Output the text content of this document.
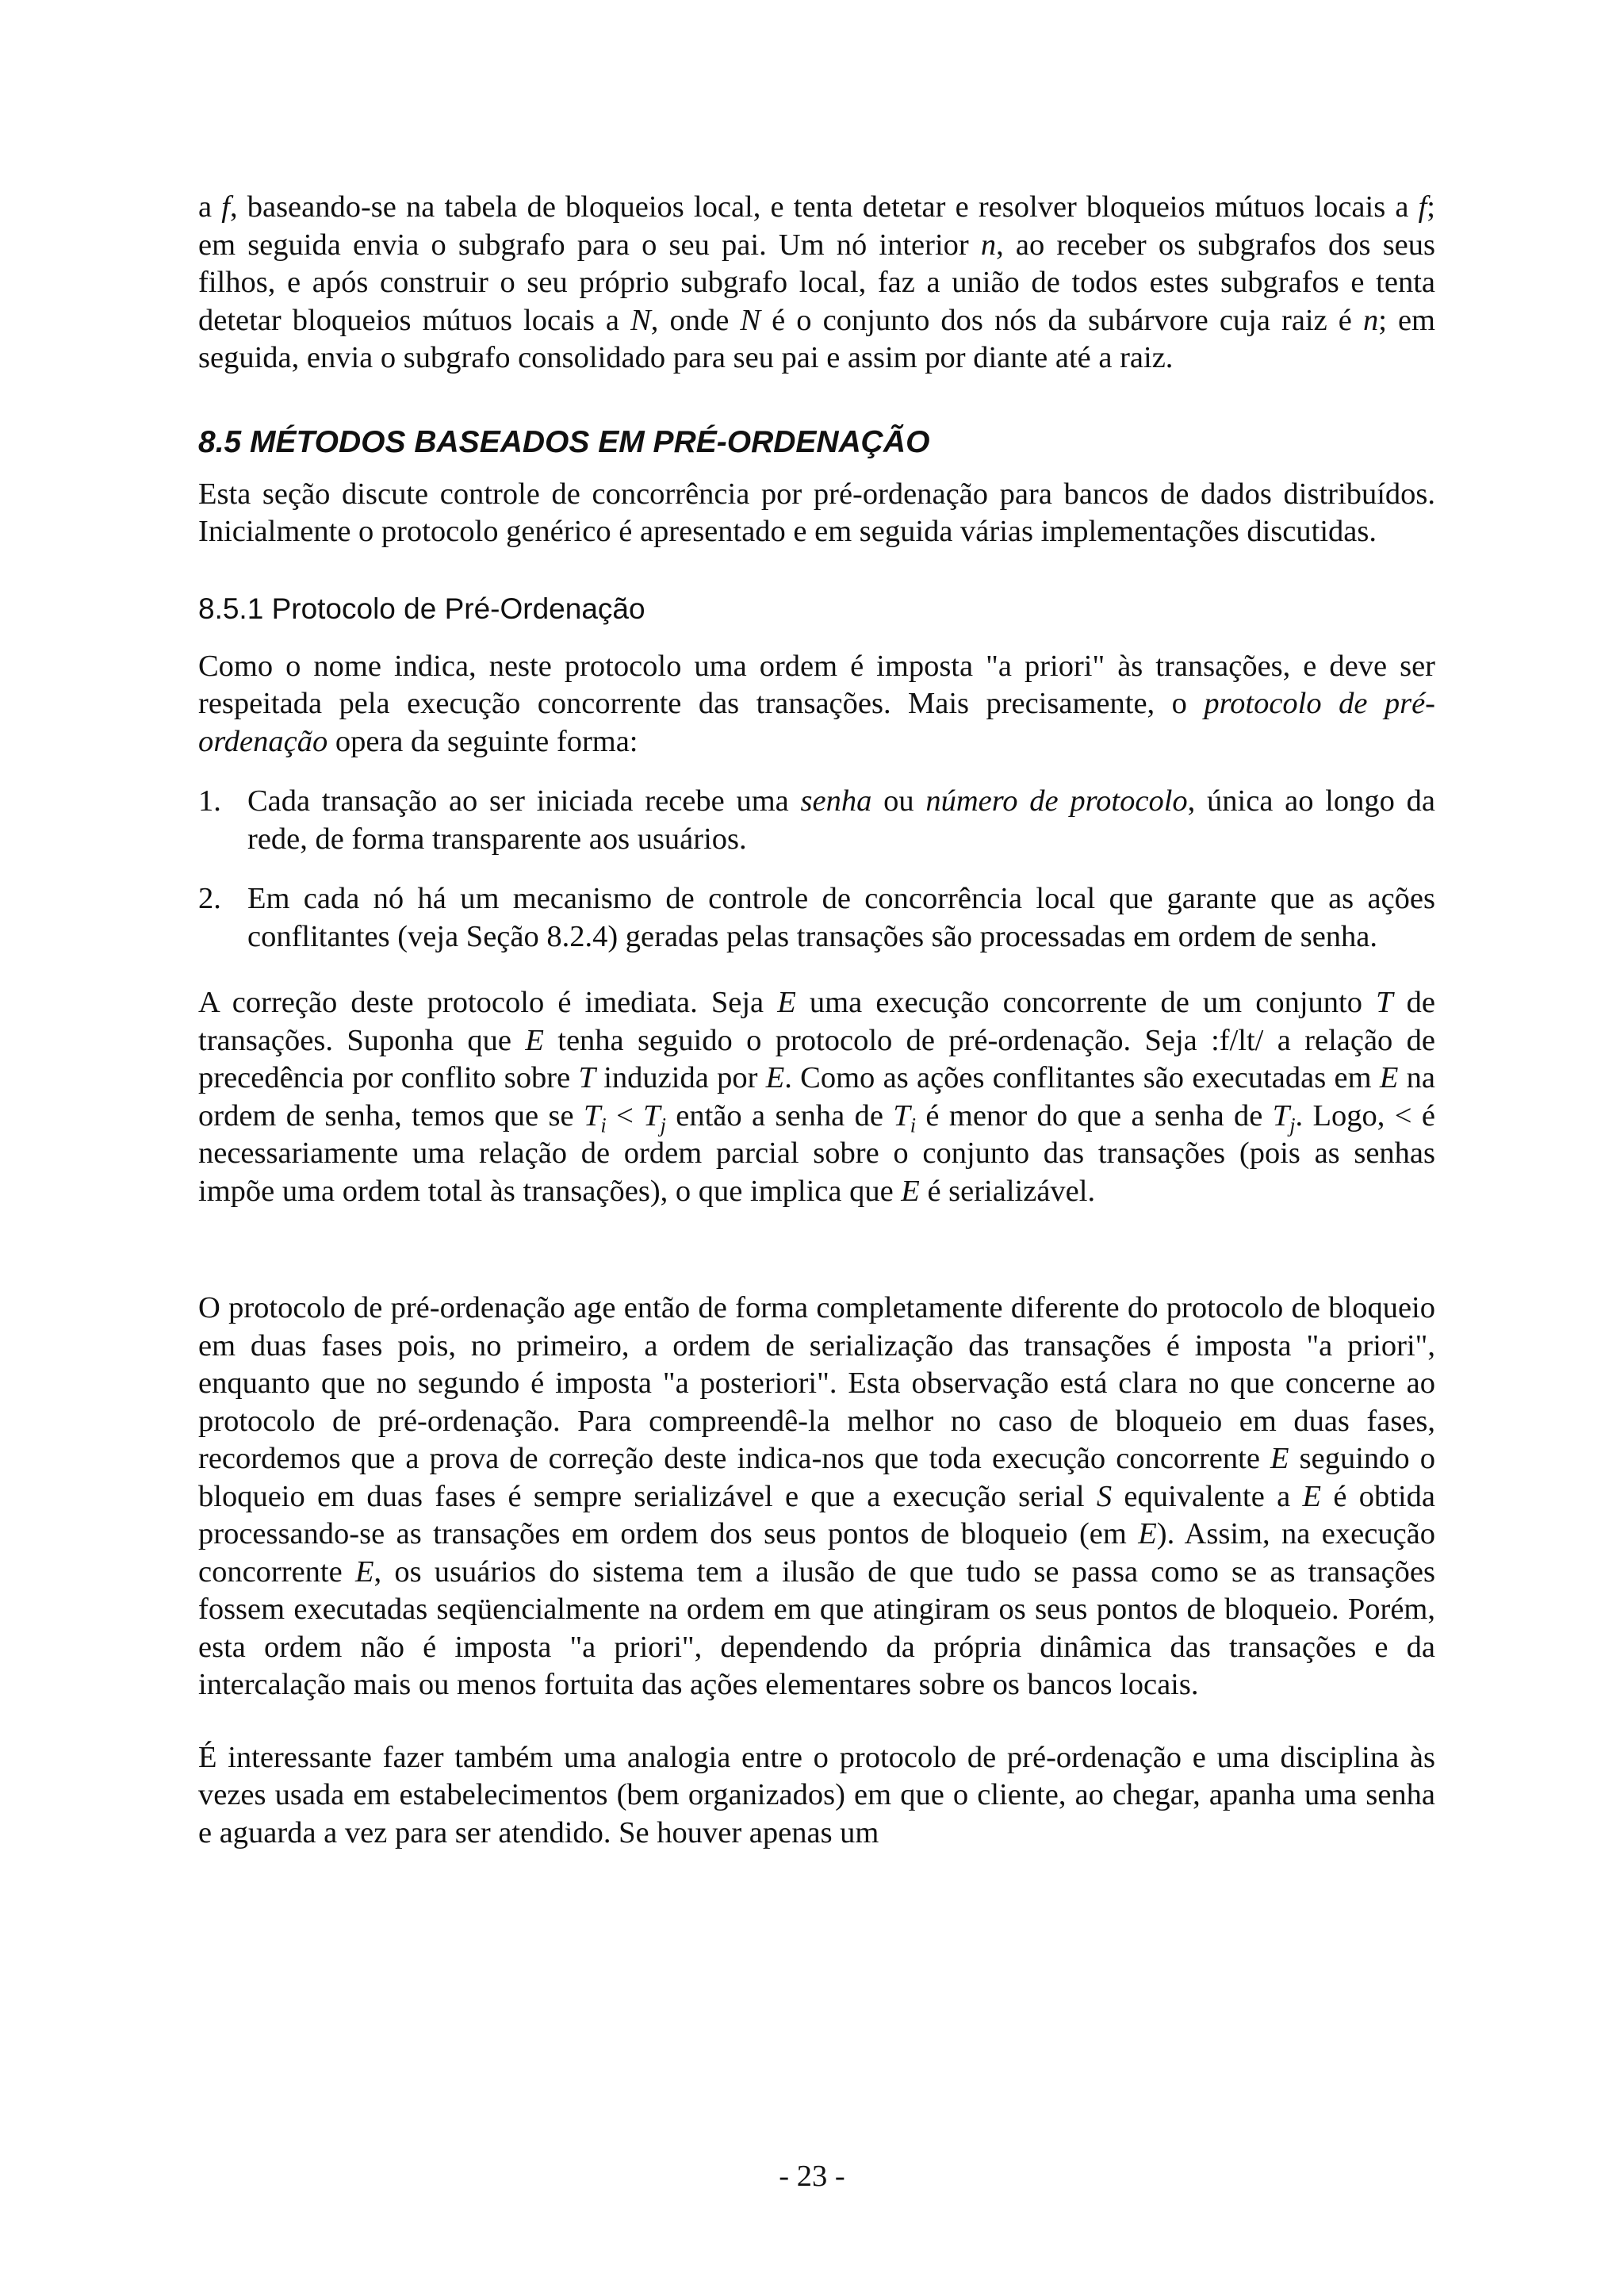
a f, baseando-se na tabela de bloqueios local, e tenta detetar e resolver bloqueios mútuos locais a f; em seguida envia o subgrafo para o seu pai. Um nó interior n, ao receber os subgrafos dos seus filhos, e após construir o seu próprio subgrafo local, faz a união de todos estes subgrafos e tenta detetar bloqueios mútuos locais a N, onde N é o conjunto dos nós da subárvore cuja raiz é n; em seguida, envia o subgrafo consolidado para seu pai e assim por diante até a raiz.

8.5 MÉTODOS BASEADOS EM PRÉ-ORDENAÇÃO

Esta seção discute controle de concorrência por pré-ordenação para bancos de dados distribuídos. Inicialmente o protocolo genérico é apresentado e em seguida várias implementações discutidas.

8.5.1 Protocolo de Pré-Ordenação

Como o nome indica, neste protocolo uma ordem é imposta "a priori" às transações, e deve ser respeitada pela execução concorrente das transações. Mais precisamente, o protocolo de pré-ordenação opera da seguinte forma:

1. Cada transação ao ser iniciada recebe uma senha ou número de protocolo, única ao longo da rede, de forma transparente aos usuários.

2. Em cada nó há um mecanismo de controle de concorrência local que garante que as ações conflitantes (veja Seção 8.2.4) geradas pelas transações são processadas em ordem de senha.

A correção deste protocolo é imediata. Seja E uma execução concorrente de um conjunto T de transações. Suponha que E tenha seguido o protocolo de pré-ordenação. Seja :f/lt/ a relação de precedência por conflito sobre T induzida por E. Como as ações conflitantes são executadas em E na ordem de senha, temos que se $T_i < T_j$ então a senha de $T_i$ é menor do que a senha de $T_j$. Logo, < é necessariamente uma relação de ordem parcial sobre o conjunto das transações (pois as senhas impõe uma ordem total às transações), o que implica que E é serializável.

O protocolo de pré-ordenação age então de forma completamente diferente do protocolo de bloqueio em duas fases pois, no primeiro, a ordem de serialização das transações é imposta "a priori", enquanto que no segundo é imposta "a posteriori". Esta observação está clara no que concerne ao protocolo de pré-ordenação. Para compreendê-la melhor no caso de bloqueio em duas fases, recordemos que a prova de correção deste indica-nos que toda execução concorrente E seguindo o bloqueio em duas fases é sempre serializável e que a execução serial S equivalente a E é obtida processando-se as transações em ordem dos seus pontos de bloqueio (em E). Assim, na execução concorrente E, os usuários do sistema tem a ilusão de que tudo se passa como se as transações fossem executadas seqüencialmente na ordem em que atingiram os seus pontos de bloqueio. Porém, esta ordem não é imposta "a priori", dependendo da própria dinâmica das transações e da intercalação mais ou menos fortuita das ações elementares sobre os bancos locais.

É interessante fazer também uma analogia entre o protocolo de pré-ordenação e uma disciplina às vezes usada em estabelecimentos (bem organizados) em que o cliente, ao chegar, apanha uma senha e aguarda a vez para ser atendido. Se houver apenas um

- 23 -
